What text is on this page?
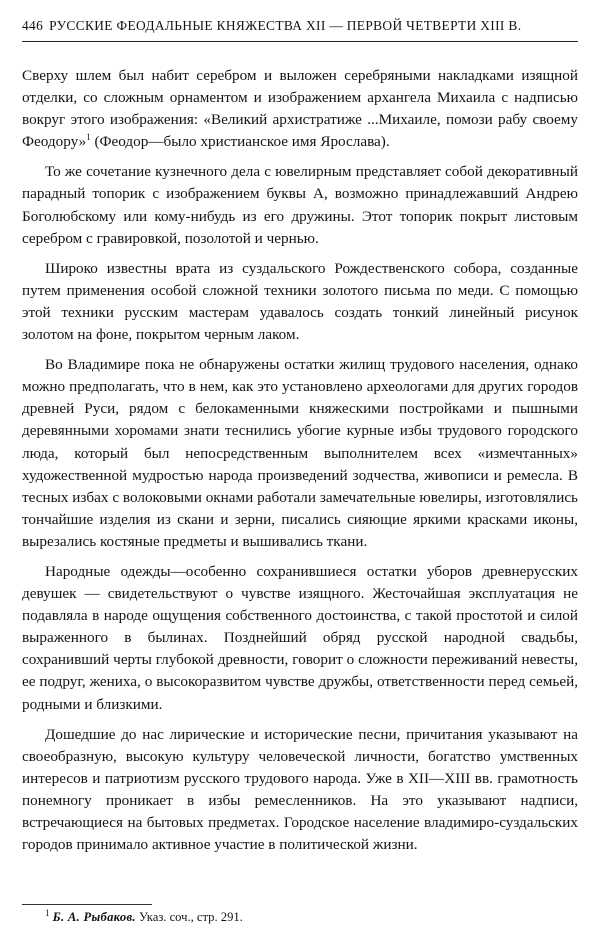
446 РУССКИЕ ФЕОДАЛЬНЫЕ КНЯЖЕСТВА XII — ПЕРВОЙ ЧЕТВЕРТИ XIII В.

Сверху шлем был набит серебром и выложен серебряными накладками изящной отделки, со сложным орнаментом и изображением архангела Михаила с надписью вокруг этого изображения: «Великий архистратиже ...Михаиле, помози рабу своему Феодору»$^1$ (Феодор—было христианское имя Ярослава).

То же сочетание кузнечного дела с ювелирным представляет собой декоративный парадный топорик с изображением буквы А, возможно принадлежавший Андрею Боголюбскому или кому-нибудь из его дружины. Этот топорик покрыт листовым серебром с гравировкой, позолотой и чернью.

Широко известны врата из суздальского Рождественского собора, созданные путем применения особой сложной техники золотого письма по меди. С помощью этой техники русским мастерам удавалось создать тонкий линейный рисунок золотом на фоне, покрытом черным лаком.

Во Владимире пока не обнаружены остатки жилищ трудового населения, однако можно предполагать, что в нем, как это установлено археологами для других городов древней Руси, рядом с белокаменными княжескими постройками и пышными деревянными хоромами знати теснились убогие курные избы трудового городского люда, который был непосредственным выполнителем всех «измечтанных» художественной мудростью народа произведений зодчества, живописи и ремесла. В тесных избах с волоковыми окнами работали замечательные ювелиры, изготовлялись тончайшие изделия из скани и зерни, писались сияющие яркими красками иконы, вырезались костяные предметы и вышивались ткани.

Народные одежды—особенно сохранившиеся остатки уборов древнерусских девушек — свидетельствуют о чувстве изящного. Жесточайшая эксплуатация не подавляла в народе ощущения собственного достоинства, с такой простотой и силой выраженного в былинах. Позднейший обряд русской народной свадьбы, сохранивший черты глубокой древности, говорит о сложности переживаний невесты, ее подруг, жениха, о высокоразвитом чувстве дружбы, ответственности перед семьей, родными и близкими.

Дошедшие до нас лирические и исторические песни, причитания указывают на своеобразную, высокую культуру человеческой личности, богатство умственных интересов и патриотизм русского трудового народа. Уже в XII—XIII вв. грамотность понемногу проникает в избы ремесленников. На это указывают надписи, встречающиеся на бытовых предметах. Городское население владимиро-суздальских городов принимало активное участие в политической жизни.

$^1$ Б. А. Рыбаков. Указ. соч., стр. 291.
